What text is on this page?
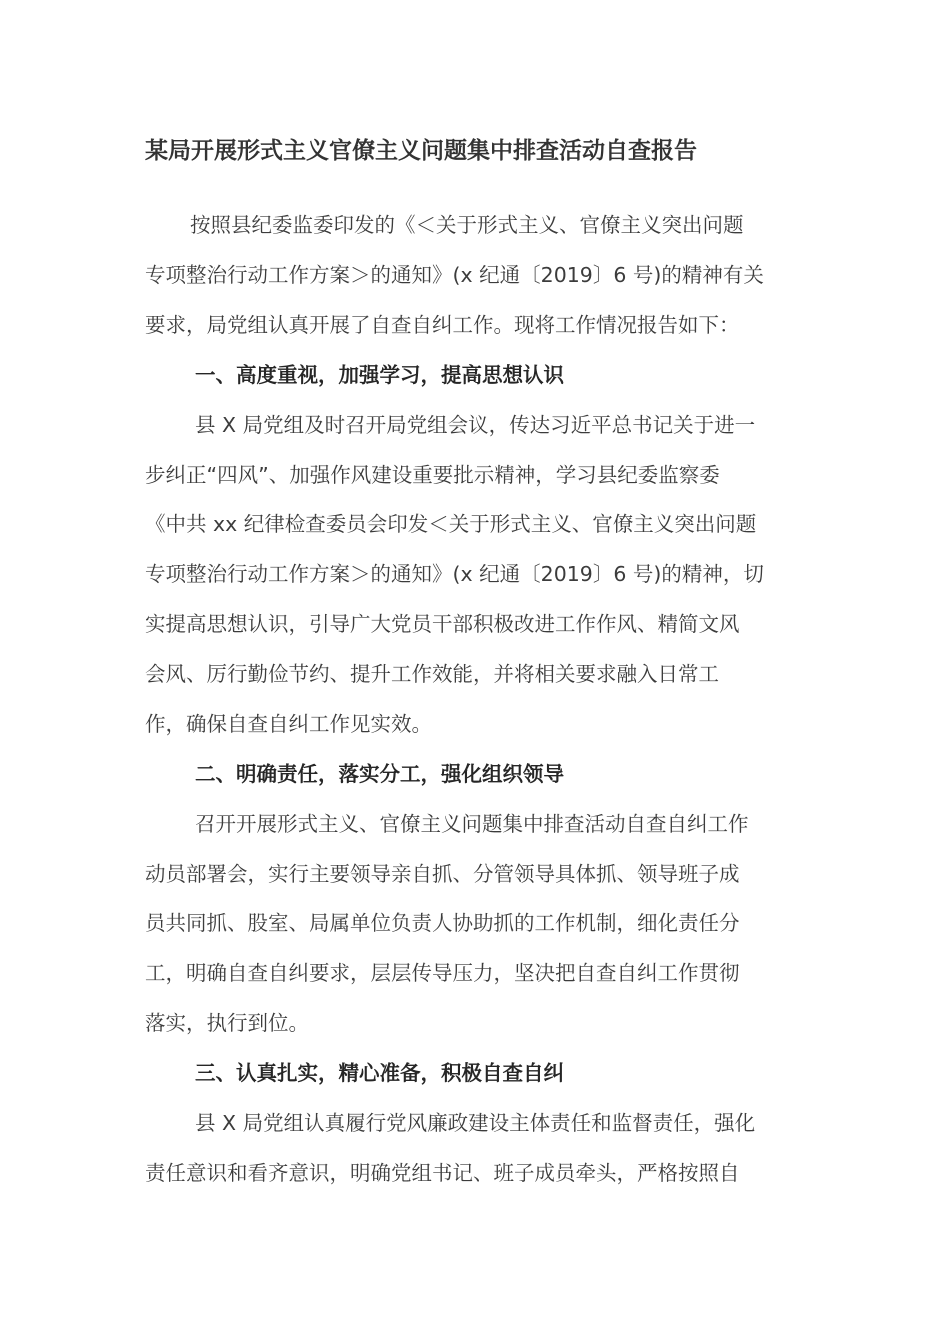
某局开展形式主义官僚主义问题集中排查活动自查报告
按照县纪委监委印发的《＜关于形式主义、官僚主义突出问题
专项整治行动工作方案＞的通知》(x 纪通〔2019〕6 号)的精神有关
要求，局党组认真开展了自查自纠工作。现将工作情况报告如下：
一、高度重视，加强学习，提高思想认识
县 X 局党组及时召开局党组会议，传达习近平总书记关于进一
步纠正“四风”、加强作风建设重要批示精神，学习县纪委监察委
《中共 xx 纪律检查委员会印发＜关于形式主义、官僚主义突出问题
专项整治行动工作方案＞的通知》(x 纪通〔2019〕6 号)的精神，切
实提高思想认识，引导广大党员干部积极改进工作作风、精简文风
会风、厉行勤俭节约、提升工作效能，并将相关要求融入日常工
作，确保自查自纠工作见实效。
二、明确责任，落实分工，强化组织领导
召开开展形式主义、官僚主义问题集中排查活动自查自纠工作
动员部署会，实行主要领导亲自抓、分管领导具体抓、领导班子成
员共同抓、股室、局属单位负责人协助抓的工作机制，细化责任分
工，明确自查自纠要求，层层传导压力，坚决把自查自纠工作贯彻
落实，执行到位。
三、认真扎实，精心准备，积极自查自纠
县 X 局党组认真履行党风廉政建设主体责任和监督责任，强化
责任意识和看齐意识，明确党组书记、班子成员牵头，严格按照自
